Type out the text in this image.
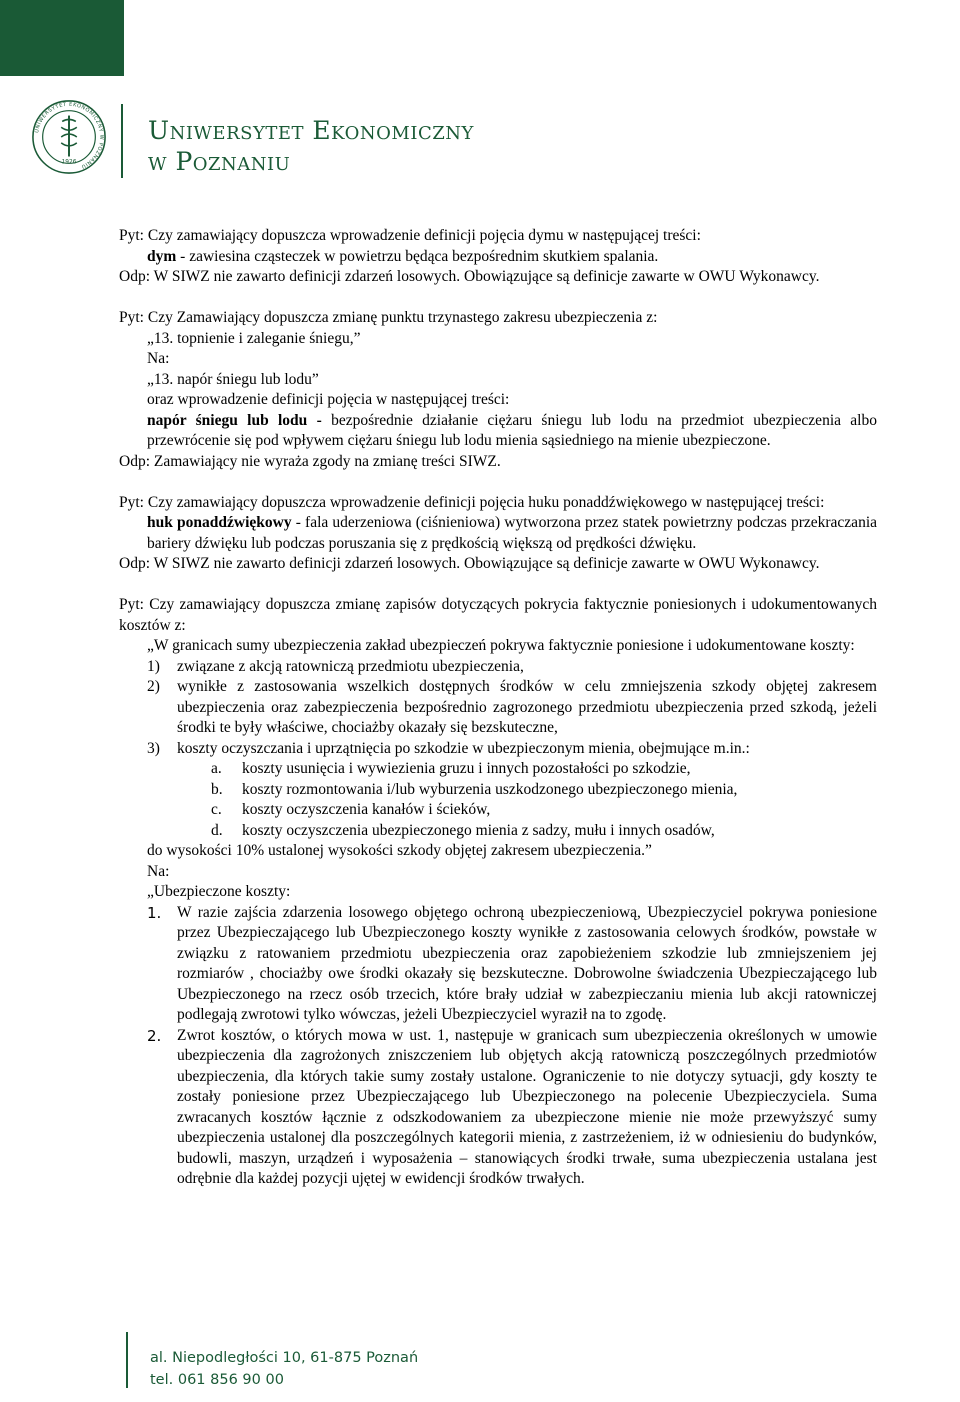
1926
UNIWERSYTET EKONOMICZNY W POZNANIU
Uniwersytet Ekonomiczny
w Poznaniu

Pyt: Czy zamawiający dopuszcza wprowadzenie definicji pojęcia dymu w następującej treści:

dym - zawiesina cząsteczek w powietrzu będąca bezpośrednim skutkiem spalania.

Odp: W SIWZ nie zawarto definicji zdarzeń losowych. Obowiązujące są definicje zawarte w OWU Wykonawcy.

Pyt: Czy Zamawiający dopuszcza zmianę punktu trzynastego zakresu ubezpieczenia z:

„13. topnienie i zaleganie śniegu,”

Na:

„13. napór śniegu lub lodu”

oraz wprowadzenie definicji pojęcia w następującej treści:

napór śniegu lub lodu - bezpośrednie działanie ciężaru śniegu lub lodu na przedmiot ubezpieczenia albo przewrócenie się pod wpływem ciężaru śniegu lub lodu mienia sąsiedniego na mienie ubezpieczone.

Odp: Zamawiający nie wyraża zgody na zmianę treści SIWZ.

Pyt: Czy zamawiający dopuszcza wprowadzenie definicji pojęcia huku ponaddźwiękowego w następującej treści:

huk ponaddźwiękowy - fala uderzeniowa (ciśnieniowa) wytworzona przez statek powietrzny podczas przekraczania bariery dźwięku lub podczas poruszania się z prędkością większą od prędkości dźwięku.

Odp: W SIWZ nie zawarto definicji zdarzeń losowych. Obowiązujące są definicje zawarte w OWU Wykonawcy.

Pyt: Czy zamawiający dopuszcza zmianę zapisów dotyczących pokrycia faktycznie poniesionych i udokumentowanych kosztów z:

„W granicach sumy ubezpieczenia zakład ubezpieczeń pokrywa faktycznie poniesione i udokumentowane koszty:

1) związane z akcją ratowniczą przedmiotu ubezpieczenia,

2) wynikłe z zastosowania wszelkich dostępnych środków w celu zmniejszenia szkody objętej zakresem ubezpieczenia oraz zabezpieczenia bezpośrednio zagrozonego przedmiotu ubezpieczenia przed szkodą, jeżeli środki te były właściwe, chociażby okazały się bezskuteczne,

3) koszty oczyszczania i uprzątnięcia po szkodzie w ubezpieczonym mienia, obejmujące m.in.:

a. koszty usunięcia i wywiezienia gruzu i innych pozostałości po szkodzie,

b. koszty rozmontowania i/lub wyburzenia uszkodzonego ubezpieczonego mienia,

c. koszty oczyszczenia kanałów i ścieków,

d. koszty oczyszczenia ubezpieczonego mienia z sadzy, mułu i innych osadów,

do wysokości 10% ustalonej wysokości szkody objętej zakresem ubezpieczenia.”

Na:

„Ubezpieczone koszty:

1. W razie zajścia zdarzenia losowego objętego ochroną ubezpieczeniową, Ubezpieczyciel pokrywa poniesione przez Ubezpieczającego lub Ubezpieczonego koszty wynikłe z zastosowania celowych środków, powstałe w związku z ratowaniem przedmiotu ubezpieczenia oraz zapobieżeniem szkodzie lub zmniejszeniem jej rozmiarów , chociażby owe środki okazały się bezskuteczne. Dobrowolne świadczenia Ubezpieczającego lub Ubezpieczonego na rzecz osób trzecich, które brały udział w zabezpieczaniu mienia lub akcji ratowniczej podlegają zwrotowi tylko wówczas, jeżeli Ubezpieczyciel wyraził na to zgodę.

2. Zwrot kosztów, o których mowa w ust. 1, następuje w granicach sum ubezpieczenia określonych w umowie ubezpieczenia dla zagrożonych zniszczeniem lub objętych akcją ratowniczą poszczególnych przedmiotów ubezpieczenia, dla których takie sumy zostały ustalone. Ograniczenie to nie dotyczy sytuacji, gdy koszty te zostały poniesione przez Ubezpieczającego lub Ubezpieczonego na polecenie Ubezpieczyciela. Suma zwracanych kosztów łącznie z odszkodowaniem za ubezpieczone mienie nie może przewyższyć sumy ubezpieczenia ustalonej dla poszczególnych kategorii mienia, z zastrzeżeniem, iż w odniesieniu do budynków, budowli, maszyn, urządzeń i wyposażenia – stanowiących środki trwałe, suma ubezpieczenia ustalana jest odrębnie dla każdej pozycji ujętej w ewidencji środków trwałych.

al. Niepodległości 10, 61-875 Poznań
tel. 061 856 90 00
